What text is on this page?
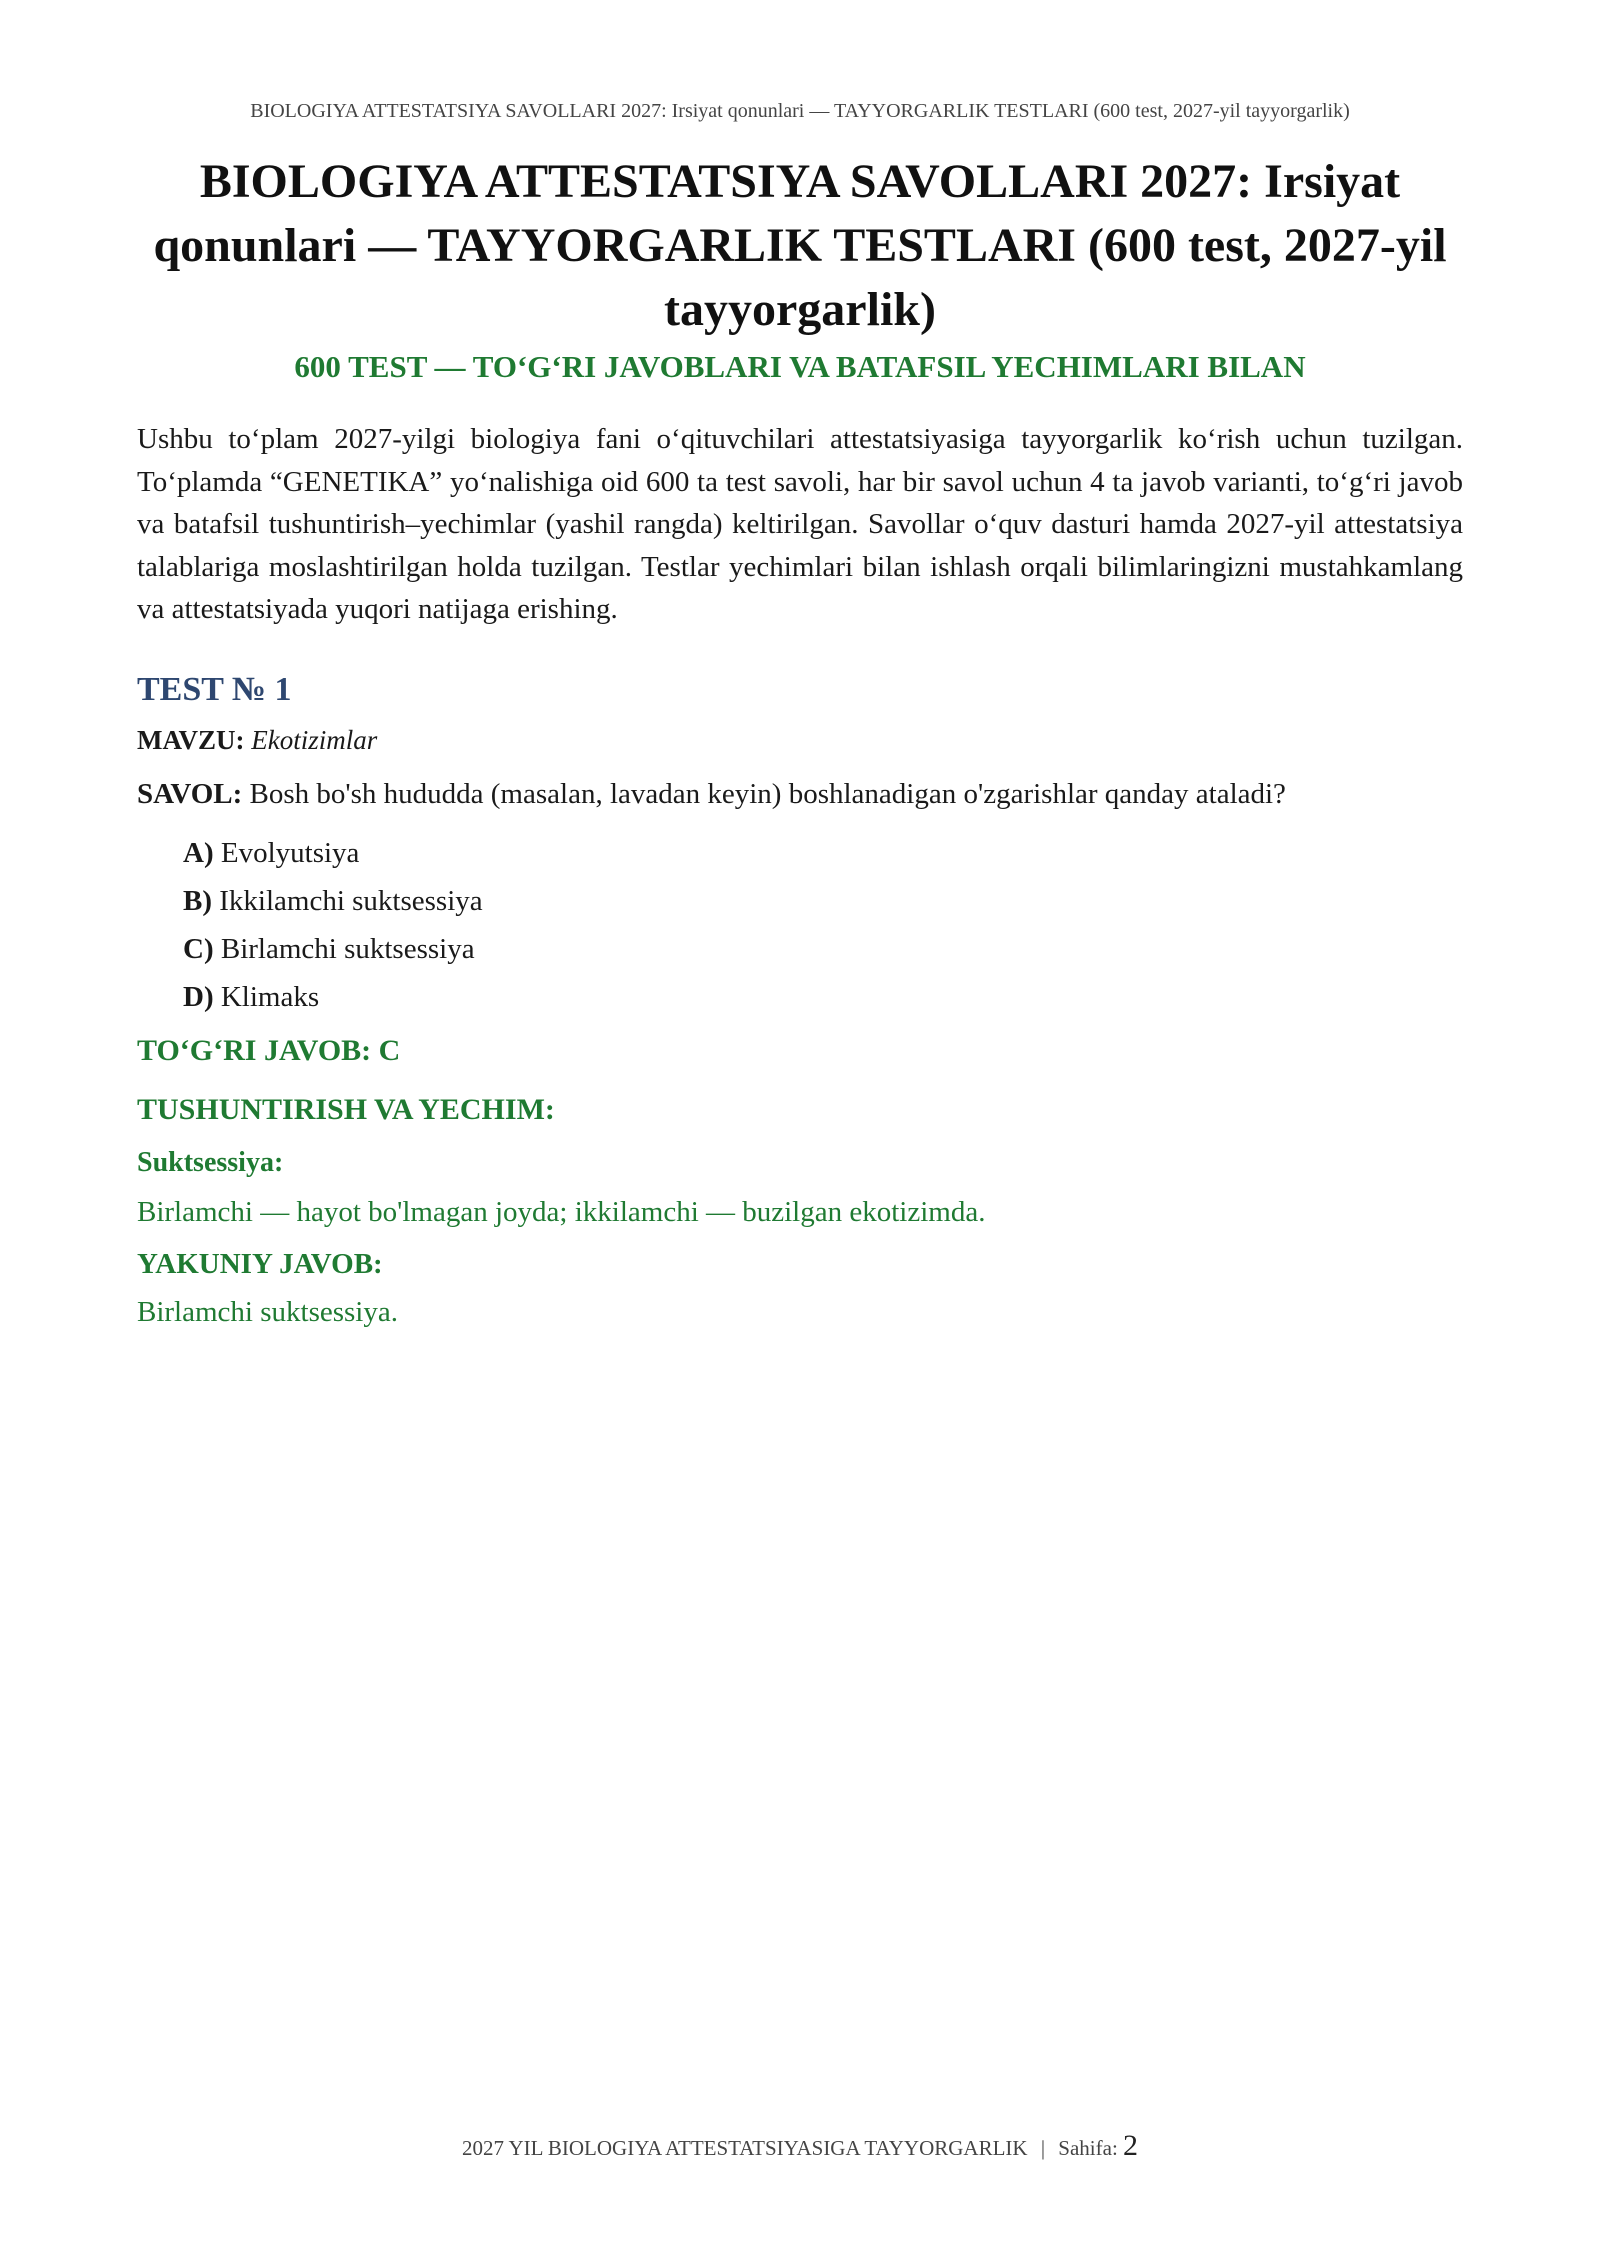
BIOLOGIYA ATTESTATSIYA SAVOLLARI 2027: Irsiyat qonunlari — TAYYORGARLIK TESTLARI (600 test, 2027-yil tayyorgarlik)
BIOLOGIYA ATTESTATSIYA SAVOLLARI 2027: Irsiyat qonunlari — TAYYORGARLIK TESTLARI (600 test, 2027-yil tayyorgarlik)
600 TEST — TO‘G‘RI JAVOBLARI VA BATAFSIL YECHIMLARI BILAN

Ushbu to‘plam 2027-yilgi biologiya fani o‘qituvchilari attestatsiyasiga tayyorgarlik ko‘rish uchun tuzilgan. To‘plamda “GENETIKA” yo‘nalishiga oid 600 ta test savoli, har bir savol uchun 4 ta javob varianti, to‘g‘ri javob va batafsil tushuntirish–yechimlar (yashil rangda) keltirilgan. Savollar o‘quv dasturi hamda 2027-yil attestatsiya talablariga moslashtirilgan holda tuzilgan. Testlar yechimlari bilan ishlash orqali bilimlaringizni mustahkamlang va attestatsiyada yuqori natijaga erishing.

TEST № 1

MAVZU: Ekotizimlar

SAVOL: Bosh bo'sh hududda (masalan, lavadan keyin) boshlanadigan o'zgarishlar qanday ataladi?

A) Evolyutsiya

B) Ikkilamchi suktsessiya

C) Birlamchi suktsessiya

D) Klimaks

TO‘G‘RI JAVOB: C

TUSHUNTIRISH VA YECHIM:

Suktsessiya:

Birlamchi — hayot bo'lmagan joyda; ikkilamchi — buzilgan ekotizimda.

YAKUNIY JAVOB:

Birlamchi suktsessiya.

2027 YIL BIOLOGIYA ATTESTATSIYASIGA TAYYORGARLIK | Sahifa: 2
